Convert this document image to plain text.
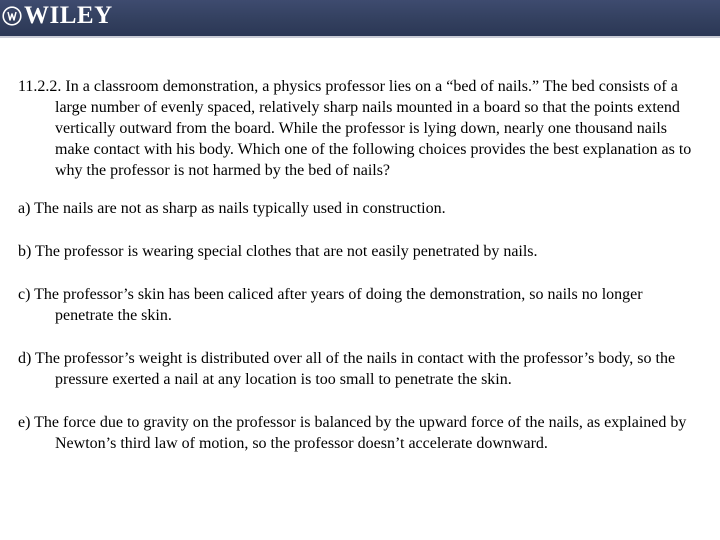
WILEY

11.2.2. In a classroom demonstration, a physics professor lies on a “bed of nails.” The bed consists of a large number of evenly spaced, relatively sharp nails mounted in a board so that the points extend vertically outward from the board. While the professor is lying down, nearly one thousand nails make contact with his body. Which one of the following choices provides the best explanation as to why the professor is not harmed by the bed of nails?

a) The nails are not as sharp as nails typically used in construction.

b) The professor is wearing special clothes that are not easily penetrated by nails.

c) The professor’s skin has been caliced after years of doing the demonstration, so nails no longer penetrate the skin.

d) The professor’s weight is distributed over all of the nails in contact with the professor’s body, so the pressure exerted a nail at any location is too small to penetrate the skin.

e) The force due to gravity on the professor is balanced by the upward force of the nails, as explained by Newton’s third law of motion, so the professor doesn’t accelerate downward.
